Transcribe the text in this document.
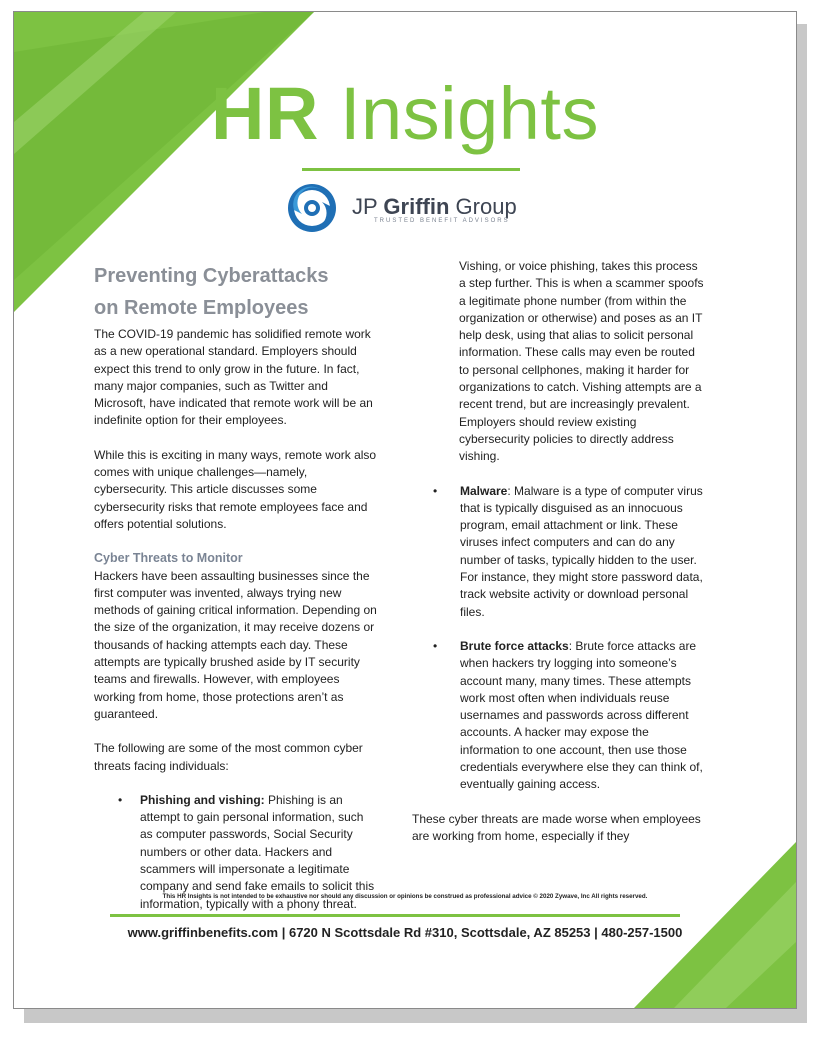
HR Insights
JP Griffin Group
TRUSTED BENEFIT ADVISORS
Preventing Cyberattacks
on Remote Employees

The COVID-19 pandemic has solidified remote work as a new operational standard. Employers should expect this trend to only grow in the future. In fact, many major companies, such as Twitter and Microsoft, have indicated that remote work will be an indefinite option for their employees.

While this is exciting in many ways, remote work also comes with unique challenges—namely, cybersecurity. This article discusses some cybersecurity risks that remote employees face and offers potential solutions.

Cyber Threats to Monitor

Hackers have been assaulting businesses since the first computer was invented, always trying new methods of gaining critical information. Depending on the size of the organization, it may receive dozens or thousands of hacking attempts each day. These attempts are typically brushed aside by IT security teams and firewalls. However, with employees working from home, those protections aren’t as guaranteed.

The following are some of the most common cyber threats facing individuals:

• Phishing and vishing: Phishing is an attempt to gain personal information, such as computer passwords, Social Security numbers or other data. Hackers and scammers will impersonate a legitimate company and send fake emails to solicit this information, typically with a phony threat.

Vishing, or voice phishing, takes this process a step further. This is when a scammer spoofs a legitimate phone number (from within the organization or otherwise) and poses as an IT help desk, using that alias to solicit personal information. These calls may even be routed to personal cellphones, making it harder for organizations to catch. Vishing attempts are a recent trend, but are increasingly prevalent. Employers should review existing cybersecurity policies to directly address vishing.

• Malware: Malware is a type of computer virus that is typically disguised as an innocuous program, email attachment or link. These viruses infect computers and can do any number of tasks, typically hidden to the user. For instance, they might store password data, track website activity or download personal files.
• Brute force attacks: Brute force attacks are when hackers try logging into someone’s account many, many times. These attempts work most often when individuals reuse usernames and passwords across different accounts. A hacker may expose the information to one account, then use those credentials everywhere else they can think of, eventually gaining access.

These cyber threats are made worse when employees are working from home, especially if they

This HR Insights is not intended to be exhaustive nor should any discussion or opinions be construed as professional advice © 2020 Zywave, Inc All rights reserved.
www.griffinbenefits.com | 6720 N Scottsdale Rd #310, Scottsdale, AZ 85253 | 480-257-1500
